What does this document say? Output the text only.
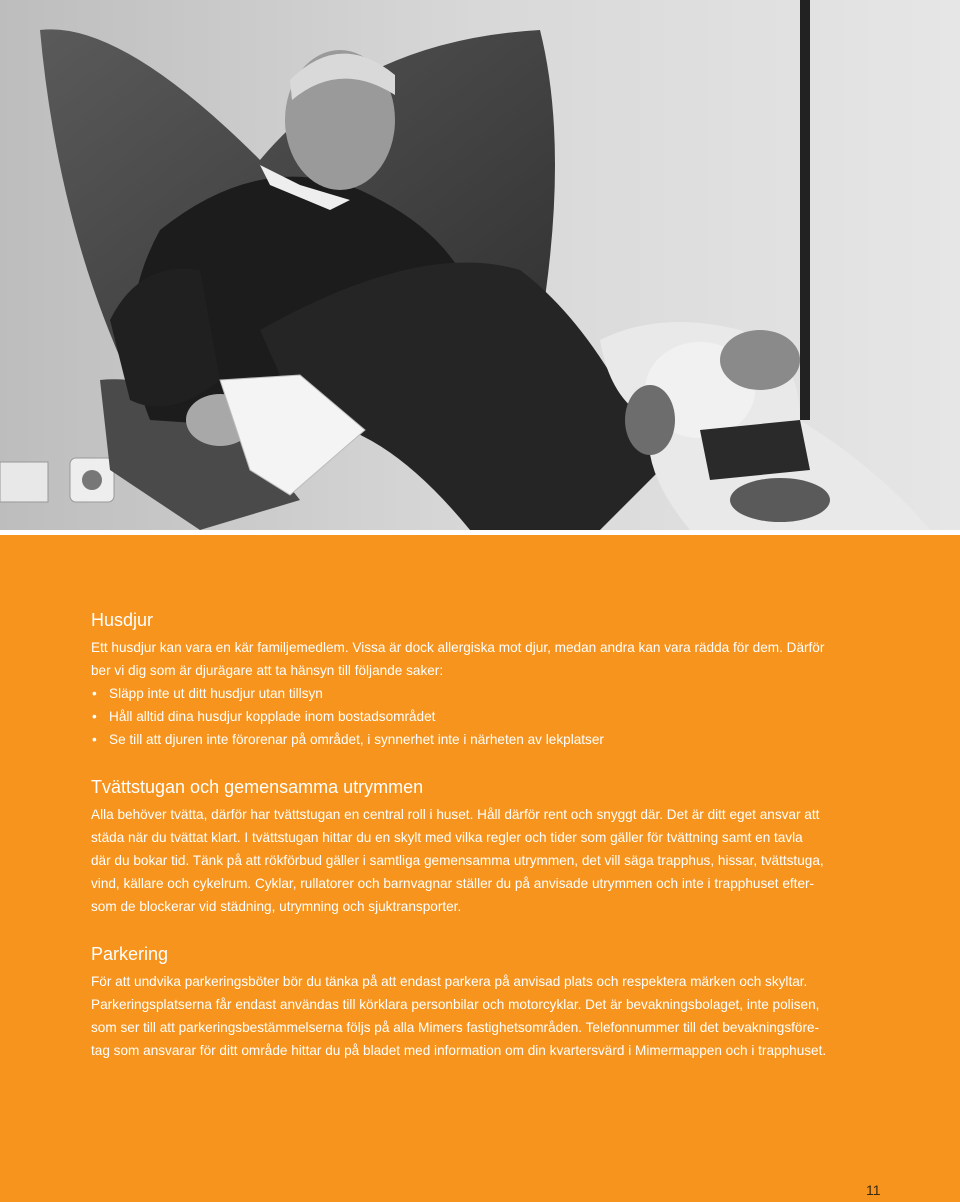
Husdjur

Ett husdjur kan vara en kär familjemedlem. Vissa är dock allergiska mot djur, medan andra kan vara rädda för dem. Därför

ber vi dig som är djurägare att ta hänsyn till följande saker:

• Släpp inte ut ditt husdjur utan tillsyn
• Håll alltid dina husdjur kopplade inom bostadsområdet
• Se till att djuren inte förorenar på området, i synnerhet inte i närheten av lekplatser
Tvättstugan och gemensamma utrymmen

Alla behöver tvätta, därför har tvättstugan en central roll i huset. Håll därför rent och snyggt där. Det är ditt eget ansvar att

städa när du tvättat klart. I tvättstugan hittar du en skylt med vilka regler och tider som gäller för tvättning samt en tavla

där du bokar tid. Tänk på att rökförbud gäller i samtliga gemensamma utrymmen, det vill säga trapphus, hissar, tvättstuga,

vind, källare och cykelrum. Cyklar, rullatorer och barnvagnar ställer du på anvisade utrymmen och inte i trapphuset efter-

som de blockerar vid städning, utrymning och sjuktransporter.

Parkering

För att undvika parkeringsböter bör du tänka på att endast parkera på anvisad plats och respektera märken och skyltar.

Parkeringsplatserna får endast användas till körklara personbilar och motorcyklar. Det är bevakningsbolaget, inte polisen,

som ser till att parkeringsbestämmelserna följs på alla Mimers fastighetsområden. Telefonnummer till det bevakningsföre-

tag som ansvarar för ditt område hittar du på bladet med information om din kvartersvärd i Mimermappen och i trapphuset.

11
